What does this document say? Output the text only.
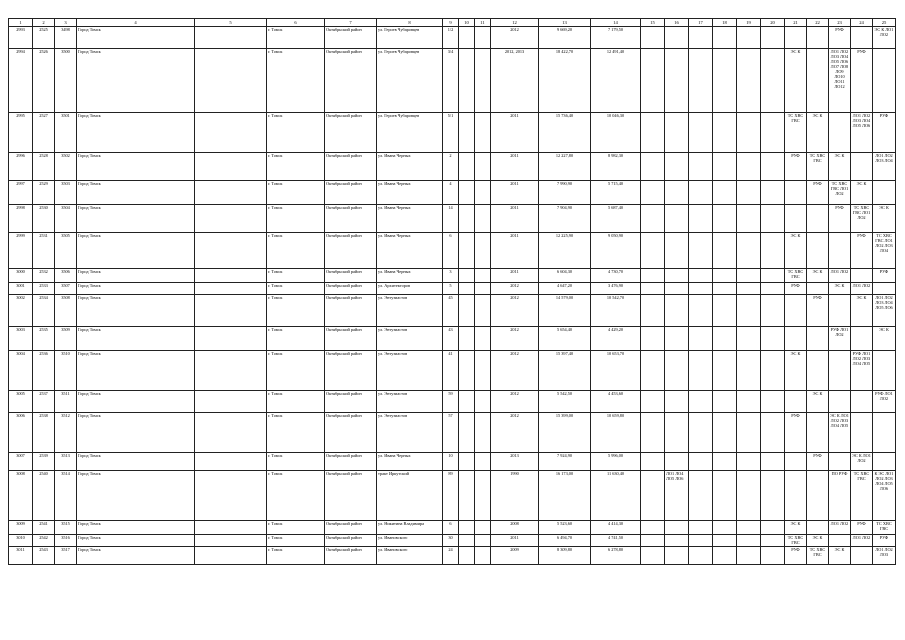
1	2	3	4	5	6	7	8	9	10	11	12	13	14	15	16	17	18	19	20	21	22	23	24	25
2993	2525	3498	Город Томск		г. Томск	Октябрьский район	ул. Героев Чубаровцев	1/2			2012	9 669,20	7 179,50									РУФ		ЭС К ЛО1 ЛО2
2994	2526	3500	Город Томск		г. Томск	Октябрьский район	ул. Героев Чубаровцев	3/4			2012, 2013	18 422,70	12 491,40							ЭС К		ЛО1 ЛО2 ЛО3 ЛО4 ЛО5 ЛО6 ЛО7 ЛО8 ЛО9 ЛО10 ЛО11 ЛО12	РУФ	
2995	2527	3501	Город Томск		г. Томск	Октябрьский район	ул. Героев Чубаровцев	5/1			2011	15 736,40	10 046,30							ТС ХВС ГВС	ЭС К		ЛО1 ЛО2 ЛО3 ЛО4 ЛО5 ЛО6	РУФ
2996	2528	3502	Город Томск		г. Томск	Октябрьский район	ул. Ивана Черных	2			2011	12 227,80	8 982,30							РУФ	ТС ХВС ГВС	ЭС К		ЛО1 ЛО2 ЛО3 ЛО4
2997	2529	3503	Город Томск		г. Томск	Октябрьский район	ул. Ивана Черных	4			2011	7 990,90	5 715,40								РУФ	ТС ХВС ГВС ЛО1 ЛО2	ЭС К	
2998	2530	3504	Город Томск		г. Томск	Октябрьский район	ул. Ивана Черных	14			2011	7 904,90	5 687,40									РУФ	ТС ХВС ГВС ЛО1 ЛО2	ЭС К
2999	2531	3505	Город Томск		г. Томск	Октябрьский район	ул. Ивана Черных	6			2011	12 225,90	9 050,90							ЭС К			РУФ	ТС ХВС ГВС ЛО1 ЛО2 ЛО3 ЛО4
3000	2532	3506	Город Томск		г. Томск	Октябрьский район	ул. Ивана Черных	3			2011	6 604,30	4 730,70							ТС ХВС ГВС	ЭС К	ЛО1 ЛО2		РУФ
3001	2533	3507	Город Томск		г. Томск	Октябрьский район	ул. Архитекторов	5			2012	4 647,20	3 476,90							РУФ		ЭС К	ЛО1 ЛО2	
3002	2534	3508	Город Томск		г. Томск	Октябрьский район	ул. Энтузиастов	45			2012	14 579,00	10 542,70								РУФ		ЭС К	ЛО1 ЛО2 ЛО3 ЛО4 ЛО5 ЛО6
3003	2535	3509	Город Томск		г. Томск	Октябрьский район	ул. Энтузиастов	43			2012	5 654,40	4 429,20									РУФ ЛО1 ЛО2		ЭС К
3004	2536	3510	Город Томск		г. Томск	Октябрьский район	ул. Энтузиастов	41			2012	15 397,40	10 653,70							ЭС К			РУФ ЛО1 ЛО2 ЛО3 ЛО4 ЛО5	
3005	2537	3511	Город Томск		г. Томск	Октябрьский район	ул. Энтузиастов	59			2012	5 542,50	4 453,60								ЭС К			РУФ ЛО1 ЛО2
3006	2538	3512	Город Томск		г. Томск	Октябрьский район	ул. Энтузиастов	57			2012	15 399,00	10 659,80							РУФ		ЭС К ЛО1 ЛО2 ЛО3 ЛО4 ЛО5		
3007	2539	3513	Город Томск		г. Томск	Октябрьский район	ул. Ивана Черных	10			2013	7 924,90	5 996,00								РУФ		ЭС К ЛО1 ЛО2	
3008	2540	3514	Город Томск		г. Томск	Октябрьский район	тракт Иркутский	89			1990	16 173,00	11 630,40		ЛО1 ЛО4 ЛО5 ЛО6							ПО РУФ	ТС ХВС ГВС	К ЭС ЛО1 ЛО2 ЛО3 ЛО4 ЛО5 ЛО6
3009	2541	3515	Город Томск		г. Томск	Октябрьский район	ул. Никитина Владимира	6			2008	5 523,60	4 414,30							ЭС К		ЛО1 ЛО2	РУФ	ТС ХВС ГВС
3010	2542	3516	Город Томск		г. Томск	Октябрьский район	ул. Ивановского	30			2011	6 494,70	4 741,50							ТС ХВС ГВС	ЭС К		ЛО1 ЛО2	РУФ
3011	2543	3517	Город Томск		г. Томск	Октябрьский район	ул. Ивановского	24			2009	8 309,80	6 278,80							РУФ	ТС ХВС ГВС	ЭС К		ЛО1 ЛО2 ЛО3
